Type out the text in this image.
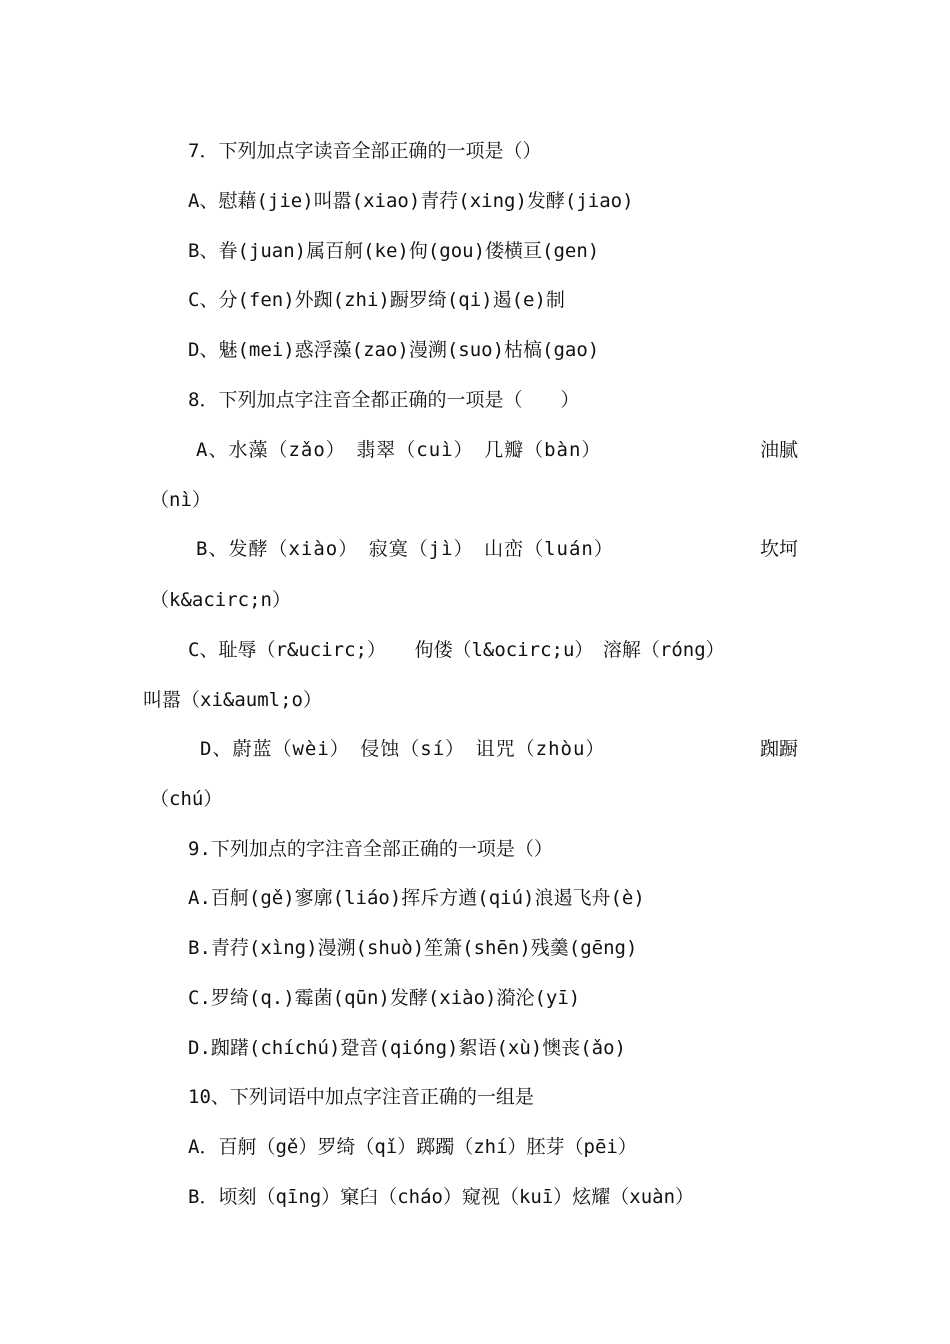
7．下列加点字读音全部正确的一项是（）
A、慰藉(jie)叫嚣(xiao)青荇(xing)发酵(jiao)
B、眷(juan)属百舸(ke)佝(gou)偻横亘(gen)
C、分(fen)外踟(zhi)蹰罗绮(qi)遏(e)制
D、魅(mei)惑浮藻(zao)漫溯(suo)枯槁(gao)
8．下列加点字注音全都正确的一项是（　　）
A、水藻（zǎo）　翡翠（cuì）　几瓣（bàn）	油腻
（nì）
B、发酵（xiào）　寂寞（jì）　山峦（luán）	坎坷
（k&acirc;n）
C、耻辱（r&ucirc;）　　佝偻（l&ocirc;u）　溶解（róng）
叫嚣（xi&auml;o）
D、蔚蓝（wèi）　侵蚀（sí）　诅咒（zhòu）	踟蹰
（chú）
9.下列加点的字注音全部正确的一项是（）
A.百舸(gě)寥廓(liáo)挥斥方遒(qiú)浪遏飞舟(è)
B.青荇(xìng)漫溯(shuò)笙箫(shēn)残羹(gēng)
C.罗绮(q.)霉菌(qūn)发酵(xiào)漪沦(yī)
D.踟躇(chíchú)跫音(qióng)絮语(xù)懊丧(ǎo)
10、下列词语中加点字注音正确的一组是
A．百舸（gě）罗绮（qǐ）踯躅（zhí）胚芽（pēi）
B．顷刻（qīng）窠臼（cháo）窥视（kuī）炫耀（xuàn）
